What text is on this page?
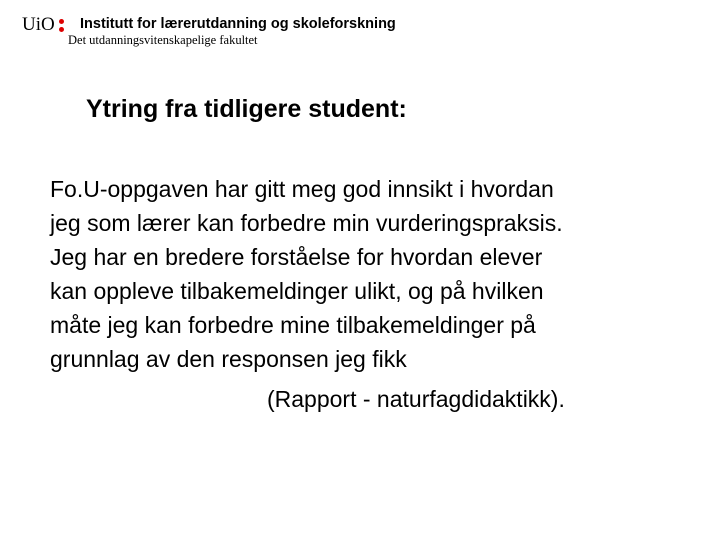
UiO Institutt for lærerutdanning og skoleforskning
Det utdanningsvitenskapelige fakultet
Ytring fra tidligere student:

Fo.U-oppgaven har gitt meg god innsikt i hvordan
jeg som lærer kan forbedre min vurderingspraksis.
Jeg har en bredere forståelse for hvordan elever
kan oppleve tilbakemeldinger ulikt, og på hvilken
måte jeg kan forbedre mine tilbakemeldinger på
grunnlag av den responsen jeg fikk

(Rapport - naturfagdidaktikk).
